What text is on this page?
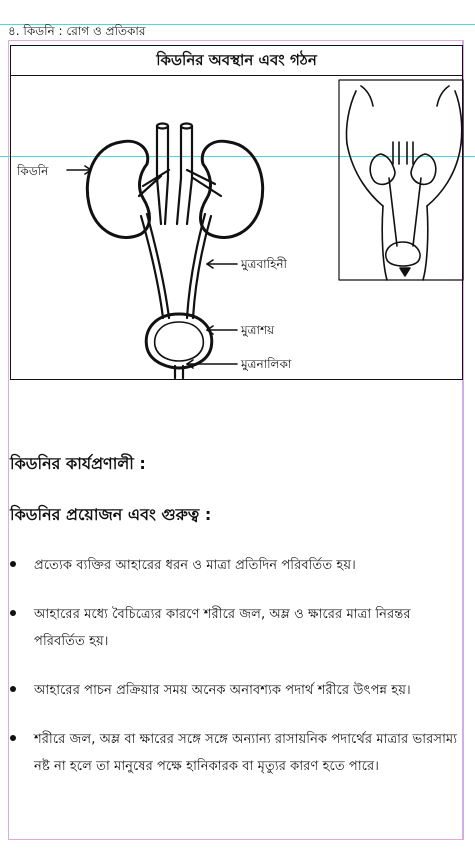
৪. কিডনি : রোগ ও প্রতিকার
কিডনির অবস্থান এবং গঠন
কিডনি
মুত্রবাহিনী
মুত্রাশয়
মুত্রনালিকা
কিডনির কার্যপ্রণালী :
কিডনির প্রয়োজন এবং গুরুত্ব :
প্রত্যেক ব্যক্তির আহারের ধরন ও মাত্রা প্রতিদিন পরিবর্তিত হয়।
আহারের মধ্যে বৈচিত্র্যের কারণে শরীরে জল, অম্ল ও ক্ষারের মাত্রা নিরন্তর পরিবর্তিত হয়।
আহারের পাচন প্রক্রিয়ার সময় অনেক অনাবশ্যক পদার্থ শরীরে উৎপন্ন হয়।
শরীরে জল, অম্ল বা ক্ষারের সঙ্গে সঙ্গে অন্যান্য রাসায়নিক পদার্থের মাত্রার ভারসাম্য নষ্ট না হলে তা মানুষের পক্ষে হানিকারক বা মৃত্যুর কারণ হতে পারে।
